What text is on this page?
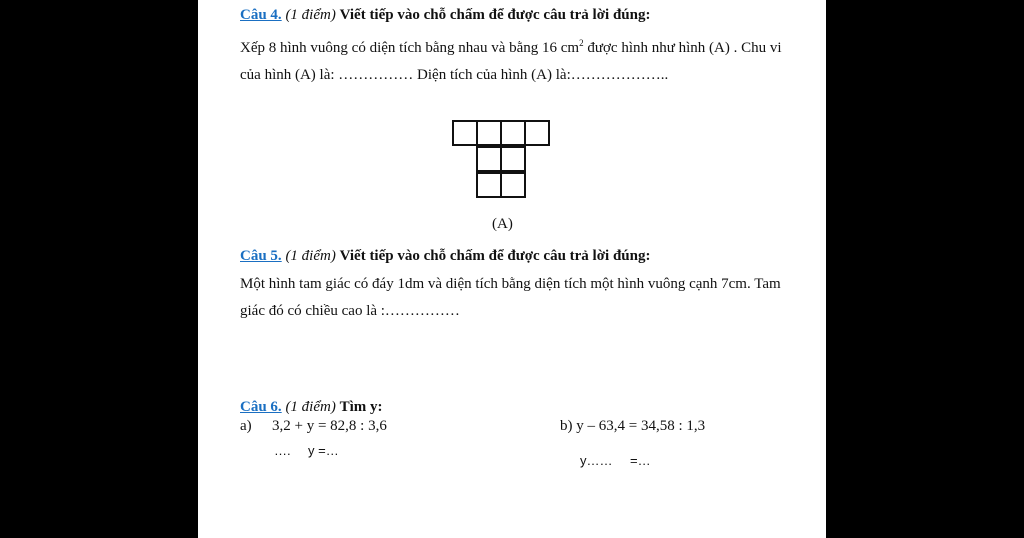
Câu 4. (1 điểm) Viết tiếp vào chỗ chấm để được câu trả lời đúng:
Xếp 8 hình vuông có diện tích bằng nhau và bằng 16 $cm^2$ được hình như hình (A) . Chu vi
của hình (A) là: …………… Diện tích của hình (A) là:………………..
(A)
Câu 5. (1 điểm) Viết tiếp vào chỗ chấm để được câu trả lời đúng:
Một hình tam giác có đáy 1dm và diện tích bằng diện tích một hình vuông cạnh 7cm. Tam
giác đó có chiều cao là :……………
Câu 6. (1 điểm) Tìm y:
a) 3,2 + y = 82,8 : 3,6
…. y =…
b) y – 63,4 = 34,58 : 1,3
y…… =…
